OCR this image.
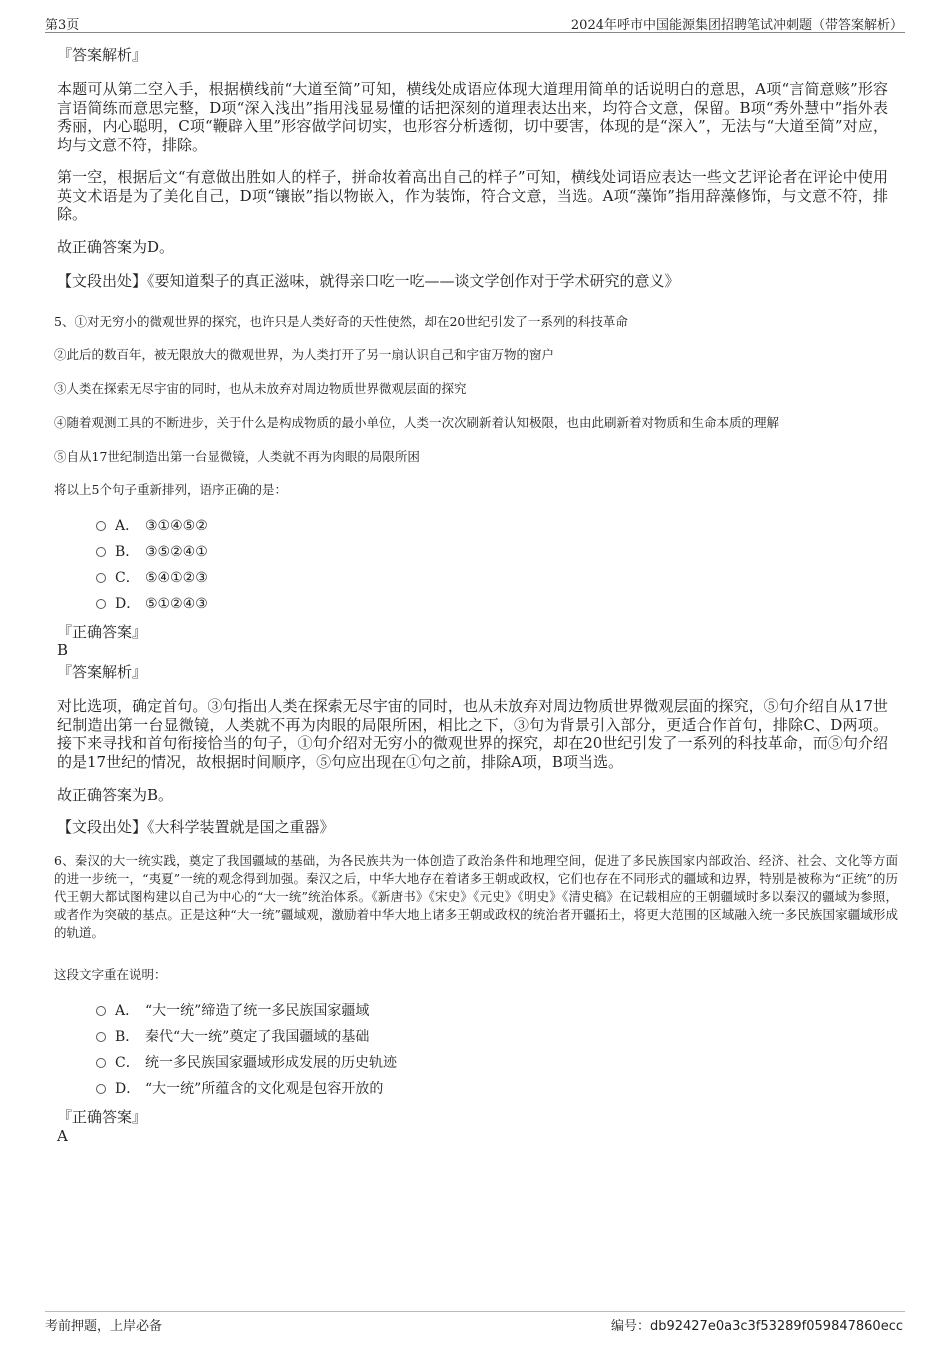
第3页	2024年呼市中国能源集团招聘笔试冲刺题（带答案解析）
『答案解析』
本题可从第二空入手，根据横线前“大道至简”可知，横线处成语应体现大道理用简单的话说明白的意思，A项“言简意赅”形容言语简练而意思完整，D项“深入浅出”指用浅显易懂的话把深刻的道理表达出来，均符合文意，保留。B项“秀外慧中”指外表秀丽，内心聪明，C项“鞭辟入里”形容做学问切实，也形容分析透彻，切中要害，体现的是“深入”，无法与“大道至简”对应，均与文意不符，排除。
第一空，根据后文“有意做出胜如人的样子，拼命妆着高出自己的样子”可知，横线处词语应表达一些文艺评论者在评论中使用英文术语是为了美化自己，D项“镶嵌”指以物嵌入，作为装饰，符合文意，当选。A项“藻饰”指用辞藻修饰，与文意不符，排除。
故正确答案为D。
【文段出处】《要知道梨子的真正滋味，就得亲口吃一吃——谈文学创作对于学术研究的意义》
5、①对无穷小的微观世界的探究，也许只是人类好奇的天性使然，却在20世纪引发了一系列的科技革命
②此后的数百年，被无限放大的微观世界，为人类打开了另一扇认识自己和宇宙万物的窗户
③人类在探索无尽宇宙的同时，也从未放弃对周边物质世界微观层面的探究
④随着观测工具的不断进步，关于什么是构成物质的最小单位，人类一次次刷新着认知极限，也由此刷新着对物质和生命本质的理解
⑤自从17世纪制造出第一台显微镜，人类就不再为肉眼的局限所困
将以上5个句子重新排列，语序正确的是：
A． ③①④⑤②
B． ③⑤②④①
C． ⑤④①②③
D． ⑤①②④③
『正确答案』
B
『答案解析』
对比选项，确定首句。③句指出人类在探索无尽宇宙的同时，也从未放弃对周边物质世界微观层面的探究，⑤句介绍自从17世纪制造出第一台显微镜，人类就不再为肉眼的局限所困，相比之下，③句为背景引入部分，更适合作首句，排除C、D两项。接下来寻找和首句衔接恰当的句子，①句介绍对无穷小的微观世界的探究，却在20世纪引发了一系列的科技革命，而⑤句介绍的是17世纪的情况，故根据时间顺序，⑤句应出现在①句之前，排除A项，B项当选。
故正确答案为B。
【文段出处】《大科学装置就是国之重器》
6、秦汉的大一统实践，奠定了我国疆域的基础，为各民族共为一体创造了政治条件和地理空间，促进了多民族国家内部政治、经济、社会、文化等方面的进一步统一，“夷夏”一统的观念得到加强。秦汉之后，中华大地存在着诸多王朝或政权，它们也存在不同形式的疆域和边界，特别是被称为“正统”的历代王朝大都试图构建以自己为中心的“大一统”统治体系。《新唐书》《宋史》《元史》《明史》《清史稿》在记载相应的王朝疆域时多以秦汉的疆域为参照，或者作为突破的基点。正是这种“大一统”疆域观，激励着中华大地上诸多王朝或政权的统治者开疆拓土，将更大范围的区域融入统一多民族国家疆域形成的轨道。
这段文字重在说明：
A． “大一统”缔造了统一多民族国家疆域
B． 秦代“大一统”奠定了我国疆域的基础
C． 统一多民族国家疆域形成发展的历史轨迹
D． “大一统”所蕴含的文化观是包容开放的
『正确答案』
A
考前押题，上岸必备	编号：db92427e0a3c3f53289f059847860ecc
